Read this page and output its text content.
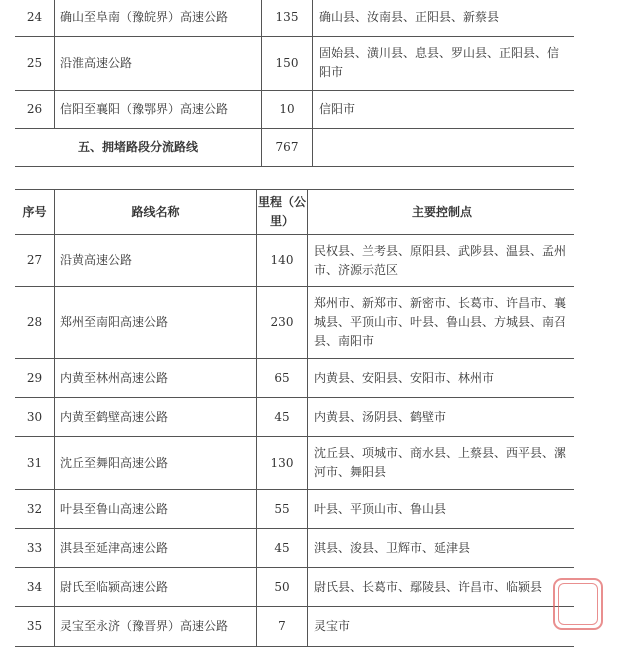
24	确山至阜南（豫皖界）高速公路	135	确山县、汝南县、正阳县、新蔡县
25	沿淮高速公路	150	固始县、潢川县、息县、罗山县、正阳县、信阳市
26	信阳至襄阳（豫鄂界）高速公路	10	信阳市
五、拥堵路段分流路线		767	
序号	路线名称	里程（公里）	主要控制点
27	沿黄高速公路	140	民权县、兰考县、原阳县、武陟县、温县、孟州市、济源示范区
28	郑州至南阳高速公路	230	郑州市、新郑市、新密市、长葛市、许昌市、襄城县、平顶山市、叶县、鲁山县、方城县、南召县、南阳市
29	内黄至林州高速公路	65	内黄县、安阳县、安阳市、林州市
30	内黄至鹤壁高速公路	45	内黄县、汤阴县、鹤壁市
31	沈丘至舞阳高速公路	130	沈丘县、项城市、商水县、上蔡县、西平县、漯河市、舞阳县
32	叶县至鲁山高速公路	55	叶县、平顶山市、鲁山县
33	淇县至延津高速公路	45	淇县、浚县、卫辉市、延津县
34	尉氏至临颍高速公路	50	尉氏县、长葛市、鄢陵县、许昌市、临颍县
35	灵宝至永济（豫晋界）高速公路	7	灵宝市
